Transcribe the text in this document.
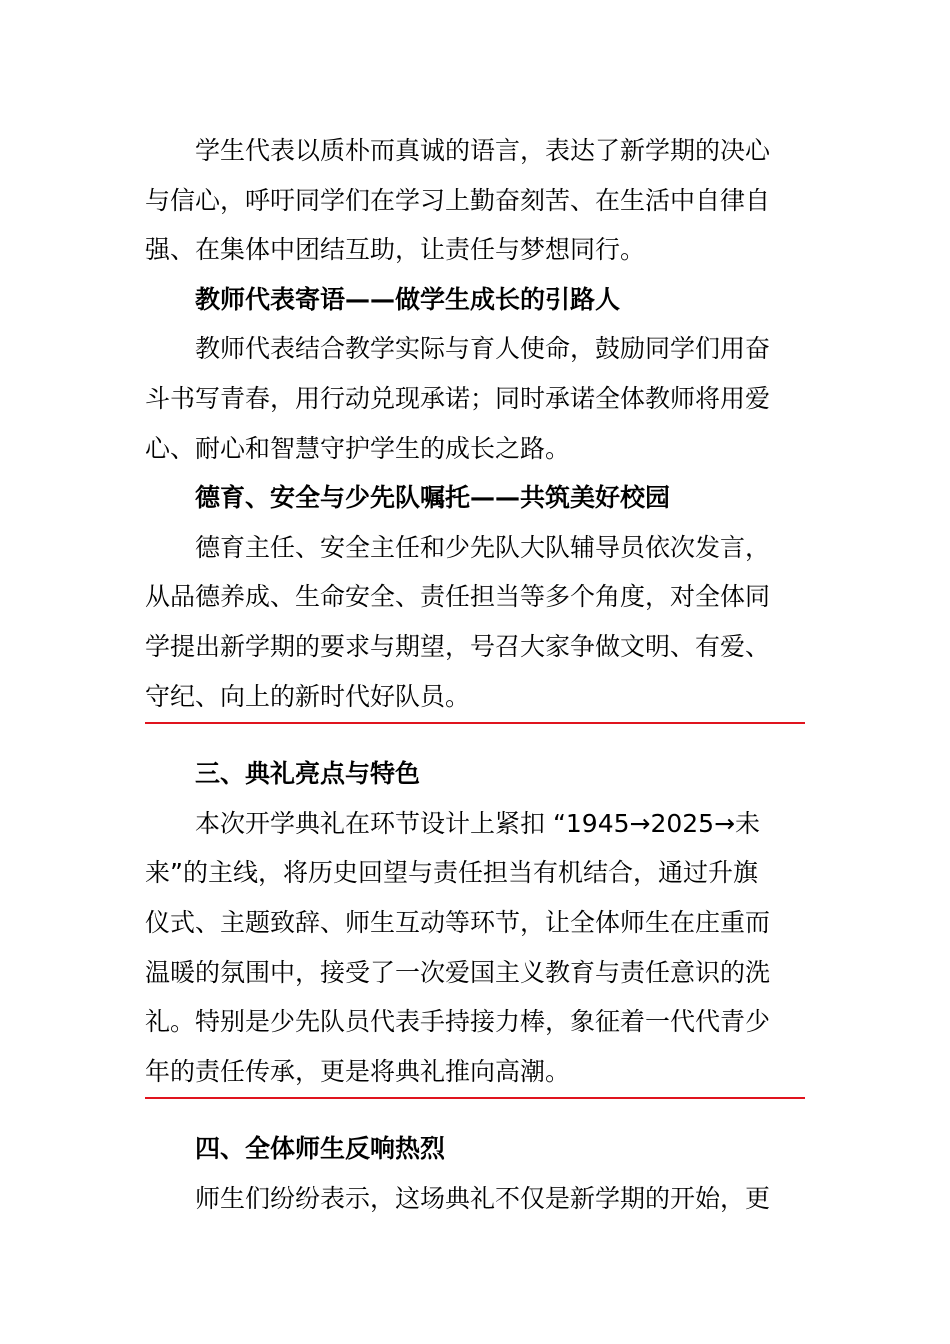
学生代表以质朴而真诚的语言，表达了新学期的决心
与信心，呼吁同学们在学习上勤奋刻苦、在生活中自律自
强、在集体中团结互助，让责任与梦想同行。
教师代表寄语——做学生成长的引路人
教师代表结合教学实际与育人使命，鼓励同学们用奋
斗书写青春，用行动兑现承诺；同时承诺全体教师将用爱
心、耐心和智慧守护学生的成长之路。
德育、安全与少先队嘱托——共筑美好校园
德育主任、安全主任和少先队大队辅导员依次发言，
从品德养成、生命安全、责任担当等多个角度，对全体同
学提出新学期的要求与期望，号召大家争做文明、有爱、
守纪、向上的新时代好队员。
三、典礼亮点与特色
本次开学典礼在环节设计上紧扣 “1945→2025→未
来”的主线，将历史回望与责任担当有机结合，通过升旗
仪式、主题致辞、师生互动等环节，让全体师生在庄重而
温暖的氛围中，接受了一次爱国主义教育与责任意识的洗
礼。特别是少先队员代表手持接力棒，象征着一代代青少
年的责任传承，更是将典礼推向高潮。
四、全体师生反响热烈
师生们纷纷表示，这场典礼不仅是新学期的开始，更
